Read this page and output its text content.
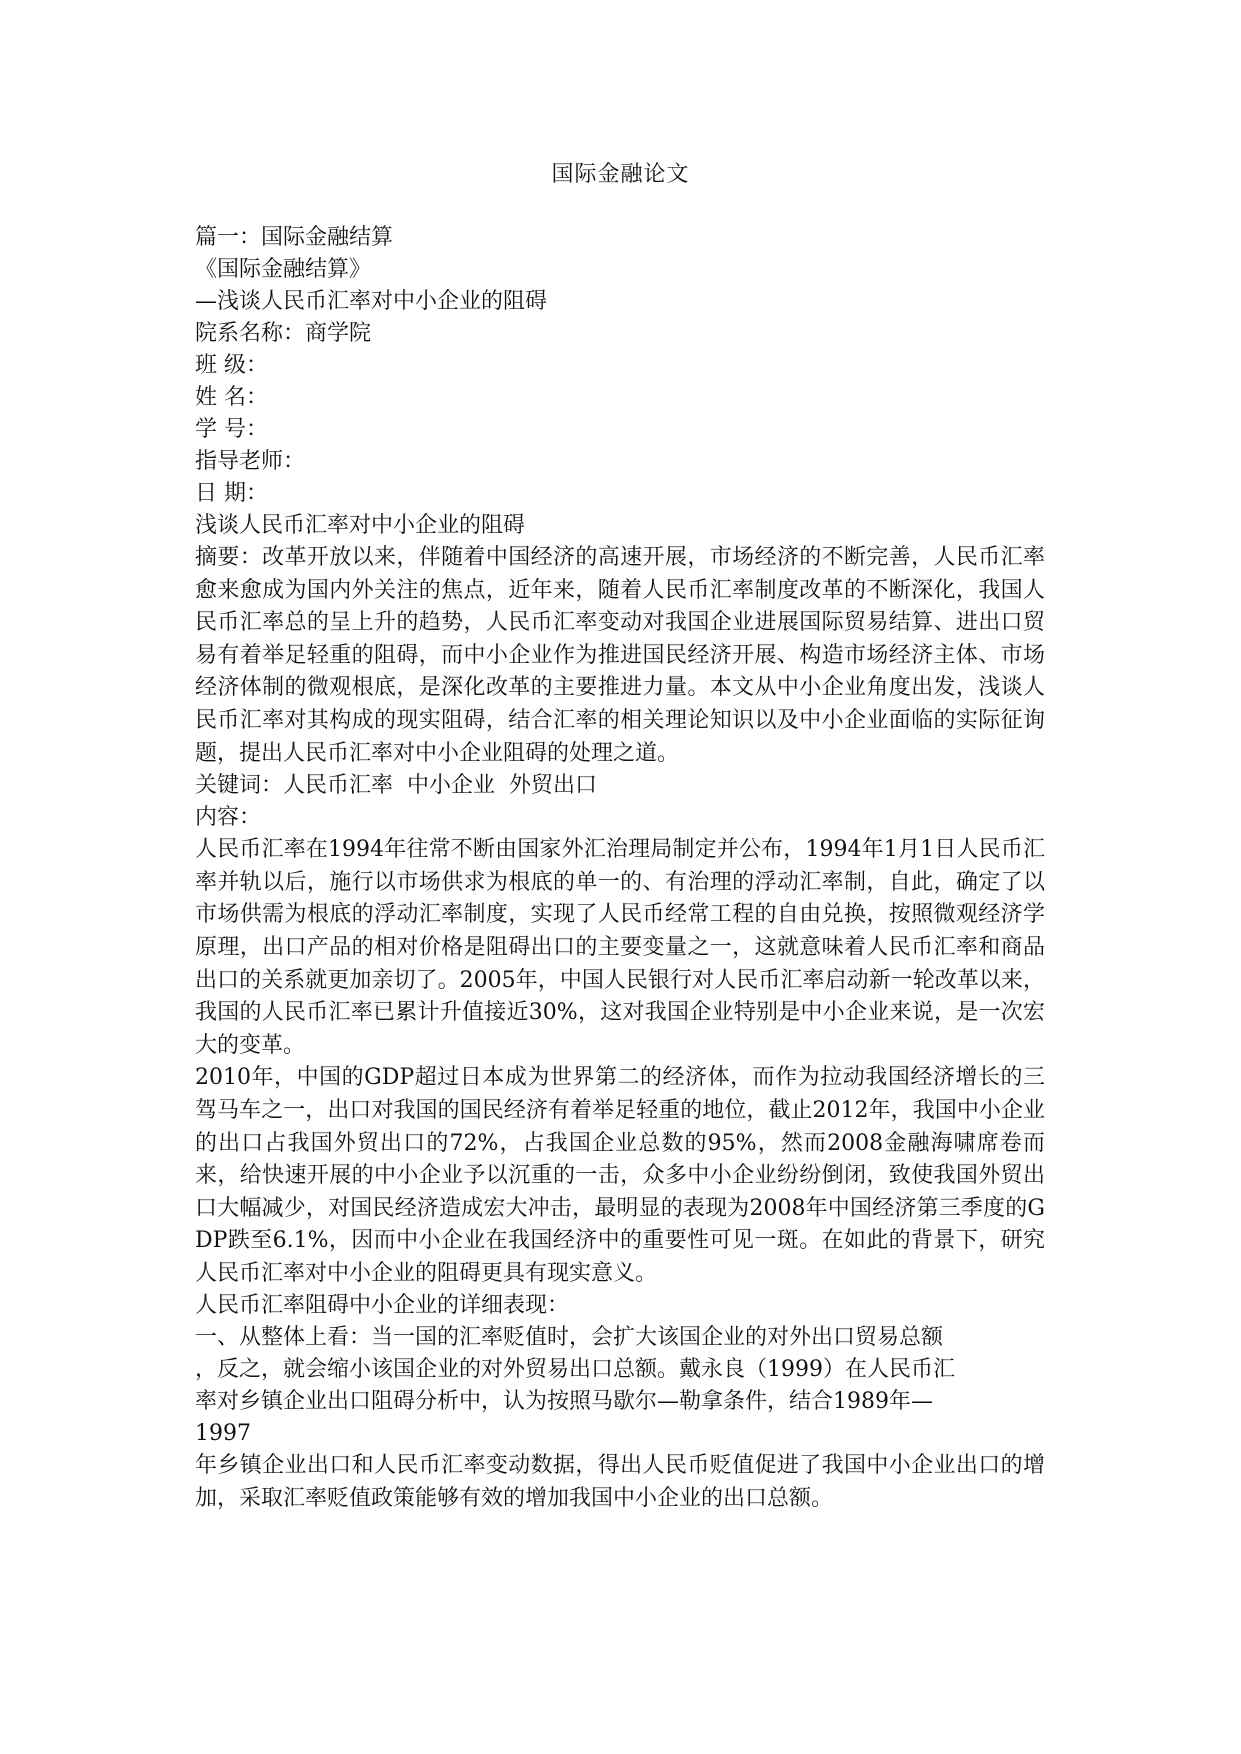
国际金融论文

篇一：国际金融结算

《国际金融结算》

—浅谈人民币汇率对中小企业的阻碍

院系名称：商学院

班 级：

姓 名：

学 号：

指导老师：

日 期：

浅谈人民币汇率对中小企业的阻碍

摘要：改革开放以来，伴随着中国经济的高速开展，市场经济的不断完善，人民币汇率愈来愈成为国内外关注的焦点，近年来，随着人民币汇率制度改革的不断深化，我国人民币汇率总的呈上升的趋势，人民币汇率变动对我国企业进展国际贸易结算、进出口贸易有着举足轻重的阻碍，而中小企业作为推进国民经济开展、构造市场经济主体、市场经济体制的微观根底，是深化改革的主要推进力量。本文从中小企业角度出发，浅谈人民币汇率对其构成的现实阻碍，结合汇率的相关理论知识以及中小企业面临的实际征询题，提出人民币汇率对中小企业阻碍的处理之道。

关键词：人民币汇率  中小企业  外贸出口

内容：

人民币汇率在1994年往常不断由国家外汇治理局制定并公布，1994年1月1日人民币汇率并轨以后，施行以市场供求为根底的单一的、有治理的浮动汇率制，自此，确定了以市场供需为根底的浮动汇率制度，实现了人民币经常工程的自由兑换，按照微观经济学原理，出口产品的相对价格是阻碍出口的主要变量之一，这就意味着人民币汇率和商品出口的关系就更加亲切了。2005年，中国人民银行对人民币汇率启动新一轮改革以来，我国的人民币汇率已累计升值接近30%，这对我国企业特别是中小企业来说，是一次宏大的变革。

2010年，中国的GDP超过日本成为世界第二的经济体，而作为拉动我国经济增长的三驾马车之一，出口对我国的国民经济有着举足轻重的地位，截止2012年，我国中小企业的出口占我国外贸出口的72%，占我国企业总数的95%，然而2008金融海啸席卷而来，给快速开展的中小企业予以沉重的一击，众多中小企业纷纷倒闭，致使我国外贸出口大幅减少，对国民经济造成宏大冲击，最明显的表现为2008年中国经济第三季度的GDP跌至6.1%，因而中小企业在我国经济中的重要性可见一斑。在如此的背景下，研究人民币汇率对中小企业的阻碍更具有现实意义。

人民币汇率阻碍中小企业的详细表现：

一、从整体上看：当一国的汇率贬值时，会扩大该国企业的对外出口贸易总额

，反之，就会缩小该国企业的对外贸易出口总额。戴永良（1999）在人民币汇

率对乡镇企业出口阻碍分析中，认为按照马歇尔—勒拿条件，结合1989年—

1997

年乡镇企业出口和人民币汇率变动数据，得出人民币贬值促进了我国中小企业出口的增加，采取汇率贬值政策能够有效的增加我国中小企业的出口总额。
